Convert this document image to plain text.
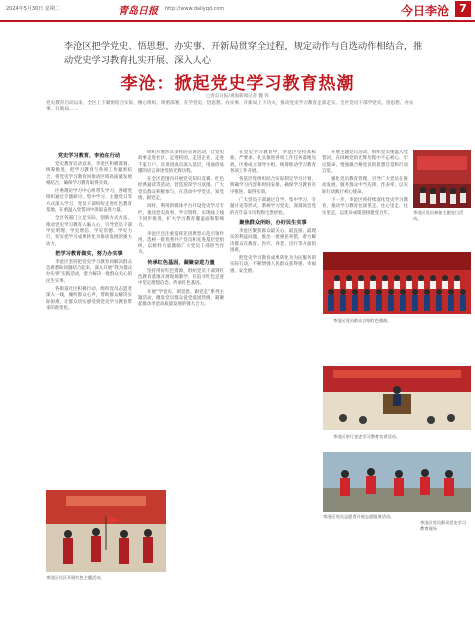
2024年5月30日 星期二	青岛日报 http://www.dailyqd.com	今日李沧 7
李沧区把学党史、悟思想、办实事、开新局贯穿全过程，规定动作与自选动作相结合，推动党史学习教育扎实开展、深入人心
李沧：掀起党史学习教育热潮
□青岛日报/观海新闻记者 魏 伟
党史教育启动以来，全区上下紧密结合实际，精心组织、周密部署，在学党史、悟思想、办实事、开新局上下功夫，推动党史学习教育走深走实。全区党员干部学党史、悟思想、办实事、开新局……
党史学习教育，李沧在行动

党史教育启动以来，李沧区积极谋划、统筹推进，把学习教育与各项工作紧密结合，将党史学习教育同推动区域高质量发展相结合，确保学习教育取得实效。

区委理论学习中心组带头学习，各级党组织通过专题研讨、集中学习、主题党日等方式深入学习，党员干部纷纷走进红色教育基地，在重温入党誓词中汲取奋进力量。

全区各部门立足实际，创新方式方法，推动党史学习教育入脑入心，引导党员干部学史明理、学史增信、学史崇德、学史力行，切实把学习成果转化为推动发展的强大动力。

把学习教育做实，努力办实事

李沧区坚持把党史学习教育同解决群众急难愁盼问题结合起来，深入开展“我为群众办实事”实践活动，着力解决一批群众关心的民生实事。

各街道社区积极行动，组织党员志愿者深入一线，倾听群众心声，帮助群众解决实际困难，让群众切实感受到党史学习教育带来的新变化。

组织开展形式多样的宣讲活动，让党史故事走进社区、走进校园、走进企业，走进千家万户。宣讲团成员深入基层，用通俗易懂的语言讲述党的光辉历程。

在全区范围内开展党史知识竞赛、红色经典诵读等活动，营造浓厚学习氛围。广大党员群众积极参与，在活动中学党史、知党情、跟党走。

同时，利用新媒体平台开设党史学习专栏，推送党史故事、学习资料，实现线上线下同步推进，扩大学习教育覆盖面和影响力。

李沧区还注重发挥先进典型示范引领作用，选树一批优秀共产党员和先进基层党组织，以榜样力量激励广大党员干部担当作为。

传承红色基因，凝聚奋进力量

坚持用好红色资源，组织党员干部到红色教育基地开展现场教学，在追寻红色足迹中坚定理想信念、传承红色基因。

开展“学党史、颂党恩、跟党走”系列主题活动，激发党员群众爱党爱国热情，凝聚起推动李沧高质量发展的强大合力。

在党史学习教育中，李沧区坚持高标准、严要求，扎实推进各项工作任务落地见效。区委成立领导小组，统筹推动学习教育各项工作开展。

各基层党组织结合实际制定学习计划，明确学习内容和时间安排，确保学习教育有序推进、取得实效。

广大党员干部通过自学、集中学习、专题讨论等形式，系统学习党史，深刻领会党的百年奋斗历程和宝贵经验。

聚焦群众所盼，办好民生实事

李沧区聚焦群众最关心、最直接、最现实的利益问题，推出一批惠民举措，着力解决群众在教育、医疗、养老、出行等方面的困难。

把党史学习教育成果转化为为民服务的实际行动，不断增强人民群众获得感、幸福感、安全感。

开展主题党日活动，组织党员重温入党誓词，在回顾党的光辉历程中不忘初心、牢记使命，增强做合格党员的思想自觉和行动自觉。

强化党员教育管理，引导广大党员在推动发展、服务群众中当先锋、作表率，以实际行动践行初心使命。

下一步，李沧区将持续深化党史学习教育，推动学习教育往深里走、往心里走、往实里走，以优异成绩迎接建党百年。	李沧区党员参加主题党日活动。
李沧区党员群众合唱红色歌曲。
李沧区举行党史学习教育宣讲活动。
李沧区党员志愿者开展志愿服务活动。
李沧区社区开展红色主题活动。
李沧区党员群众党史学习教育现场
